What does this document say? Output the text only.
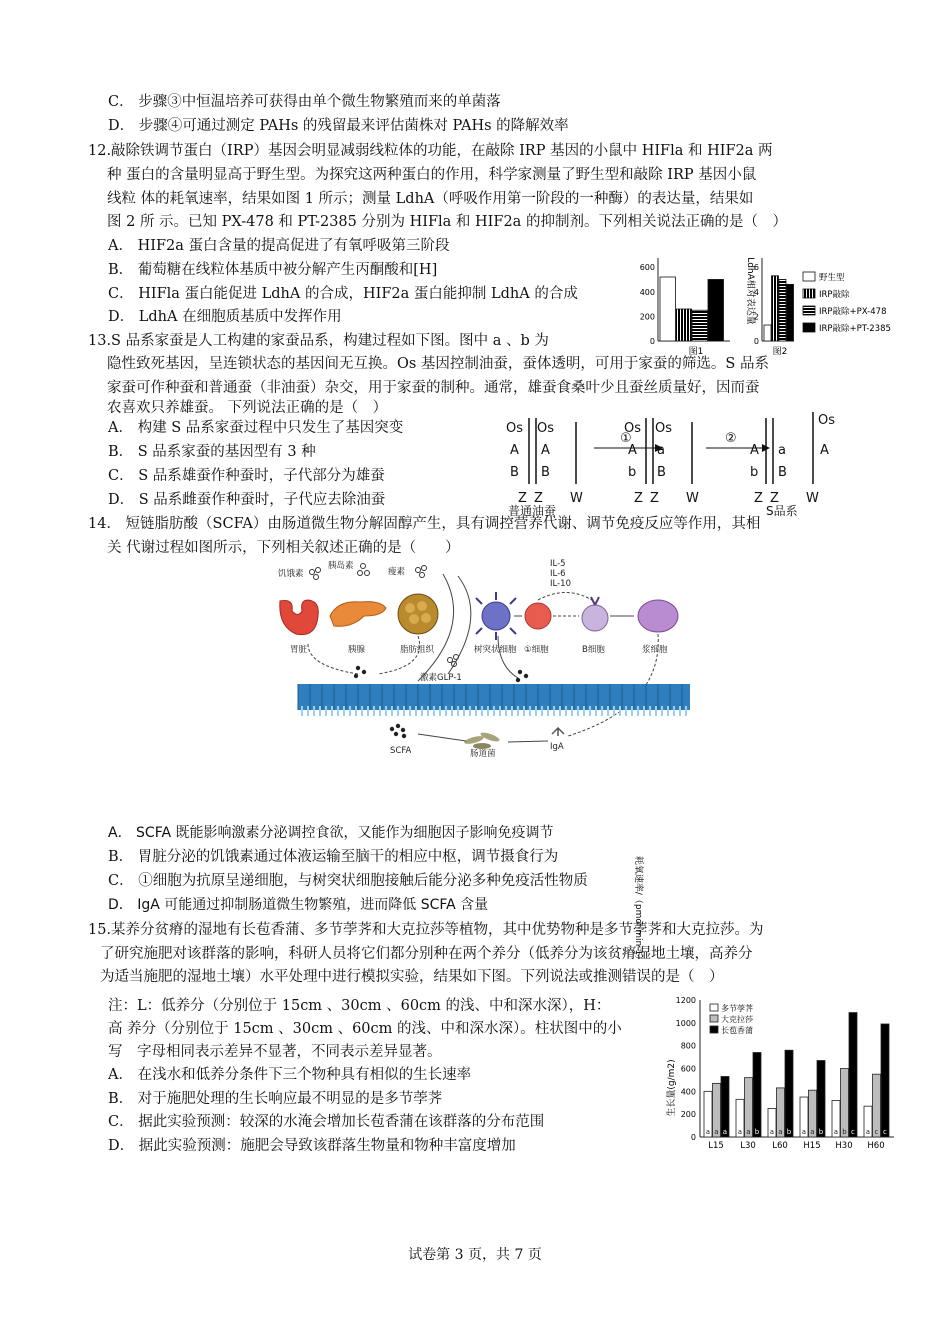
C． 步骤③中恒温培养可获得由单个微生物繁殖而来的单菌落
D． 步骤④可通过测定 PAHs 的残留最来评估菌株对 PAHs 的降解效率
12.敲除铁调节蛋白（IRP）基因会明显减弱线粒体的功能，在敲除 IRP 基因的小鼠中 HIFla 和 HIF2a 两
种 蛋白的含量明显高于野生型。为探究这两种蛋白的作用，科学家测量了野生型和敲除 IRP 基因小鼠
线粒 体的耗氧速率，结果如图 1 所示；测量 LdhA（呼吸作用第一阶段的一种酶）的表达量，结果如
图 2 所 示。已知 PX-478 和 PT-2385 分别为 HIFla 和 HIF2a 的抑制剂。下列相关说法正确的是（　）
A． HIF2a 蛋白含量的提高促进了有氧呼吸第三阶段
B． 葡萄糖在线粒体基质中被分解产生丙酮酸和[H]
C． HIFla 蛋白能促进 LdhA 的合成，HIF2a 蛋白能抑制 LdhA 的合成
D． LdhA 在细胞质基质中发挥作用
耗氧速率/（pmol·min-1）
0
200
400
600
图1
LdhA相对表达量
0
2
4
6
图2
野生型
IRP敲除
IRP敲除+PX-478
IRP敲除+PT-2385
13.S 品系家蚕是人工构建的家蚕品系，构建过程如下图。图中 a 、b 为
隐性致死基因，呈连锁状态的基因间无互换。Os 基因控制油蚕，蚕体透明，可用于家蚕的筛选。S 品系
家蚕可作种蚕和普通蚕（非油蚕）杂交，用于家蚕的制种。通常，雄蚕食桑叶少且蚕丝质量好，因而蚕
农喜欢只养雄蚕。 下列说法正确的是（　）
A． 构建 S 品系家蚕过程中只发生了基因突变
B． S 品系家蚕的基因型有 3 种
C． S 品系雄蚕作种蚕时，子代部分为雄蚕
D． S 品系雌蚕作种蚕时，子代应去除油蚕
Os Os
A A
B B
Z Z W
普通油蚕
①
Os Os
A a
b B
Z Z W
②
A a
b B
Z Z
Os
A
W
S品系
14． 短链脂肪酸（SCFA）由肠道微生物分解固醇产生，具有调控营养代谢、调节免疫反应等作用，其相
关 代谢过程如图所示，下列相关叙述正确的是（　　）
饥饿素
胰岛素
瘦素
胃脏	胰腺	脂肪组织	树突状细胞 ①细胞	B细胞	浆细胞
IL-5
IL-6
IL-10
激素GLP-1
SCFA	肠道菌
IgA
A． SCFA 既能影响激素分泌调控食欲，又能作为细胞因子影响免疫调节
B． 胃脏分泌的饥饿素通过体液运输至脑干的相应中枢，调节摄食行为
C． ①细胞为抗原呈递细胞，与树突状细胞接触后能分泌多种免疫活性物质
D． IgA 可能通过抑制肠道微生物繁殖，进而降低 SCFA 含量
15.某养分贫瘠的湿地有长苞香蒲、多节荸荠和大克拉莎等植物，其中优势物种是多节荸荠和大克拉莎。为
了研究施肥对该群落的影响，科研人员将它们都分别种在两个养分（低养分为该贫瘠湿地土壤，高养分
为适当施肥的湿地土壤）水平处理中进行模拟实验，结果如下图。下列说法或推测错误的是（　）
注：L：低养分（分别位于 15cm 、30cm 、60cm 的浅、中和深水深），H：
高 养分（分别位于 15cm 、30cm 、60cm 的浅、中和深水深）。柱状图中的小
写　字母相同表示差异不显著，不同表示差异显著。
A． 在浅水和低养分条件下三个物种具有相似的生长速率
B． 对于施肥处理的生长响应最不明显的是多节荸荠
C． 据此实验预测：较深的水淹会增加长苞香蒲在该群落的分布范围
D． 据此实验预测：施肥会导致该群落生物量和物种丰富度增加
生长量(g/m2)
0
200
400
600
800
1000
1200
L15 L30 L60 H15 H30 H60
a a a a a b a a b a a b a b c a c c
多节荸荠
大克拉莎
长苞香蒲
试卷第 3 页，共 7 页
